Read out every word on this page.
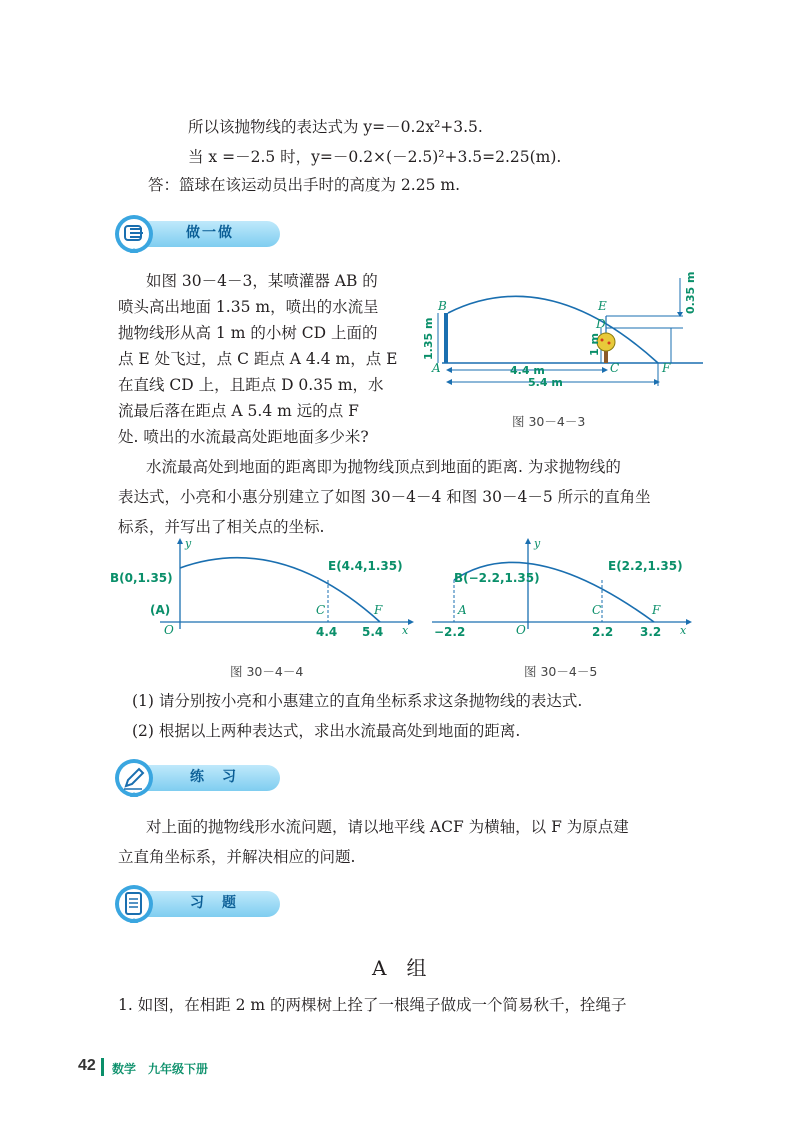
所以该抛物线的表达式为 y=－0.2x²+3.5.
当 x =－2.5 时，y=－0.2×(－2.5)²+3.5=2.25(m).
答：篮球在该运动员出手时的高度为 2.25 m.
做一做
如图 30－4－3，某喷灌器 AB 的
喷头高出地面 1.35 m，喷出的水流呈
抛物线形从高 1 m 的小树 CD 上面的
点 E 处飞过，点 C 距点 A 4.4 m，点 E
在直线 CD 上，且距点 D 0.35 m，水
流最后落在距点 A 5.4 m 远的点 F
处. 喷出的水流最高处距地面多少米?
B	E
D
A	C	F
1.35 m	1 m
0.35 m
4.4 m
5.4 m
图 30－4－3
水流最高处到地面的距离即为抛物线顶点到地面的距离. 为求抛物线的
表达式，小亮和小惠分别建立了如图 30－4－4 和图 30－4－5 所示的直角坐
标系，并写出了相关点的坐标.
y
x
B(0,1.35)
E(4.4,1.35)
(A)
O
C	F
4.4 5.4
图 30－4－4
y
x
B(−2.2,1.35)
E(2.2,1.35)
A
O
C	F
−2.2	2.2 3.2
图 30－4－5
(1) 请分别按小亮和小惠建立的直角坐标系求这条抛物线的表达式.
(2) 根据以上两种表达式，求出水流最高处到地面的距离.
练　习
对上面的抛物线形水流问题，请以地平线 ACF 为横轴，以 F 为原点建
立直角坐标系，并解决相应的问题.
习　题
A　组
1. 如图，在相距 2 m 的两棵树上拴了一根绳子做成一个简易秋千，拴绳子
42 数学　九年级下册
